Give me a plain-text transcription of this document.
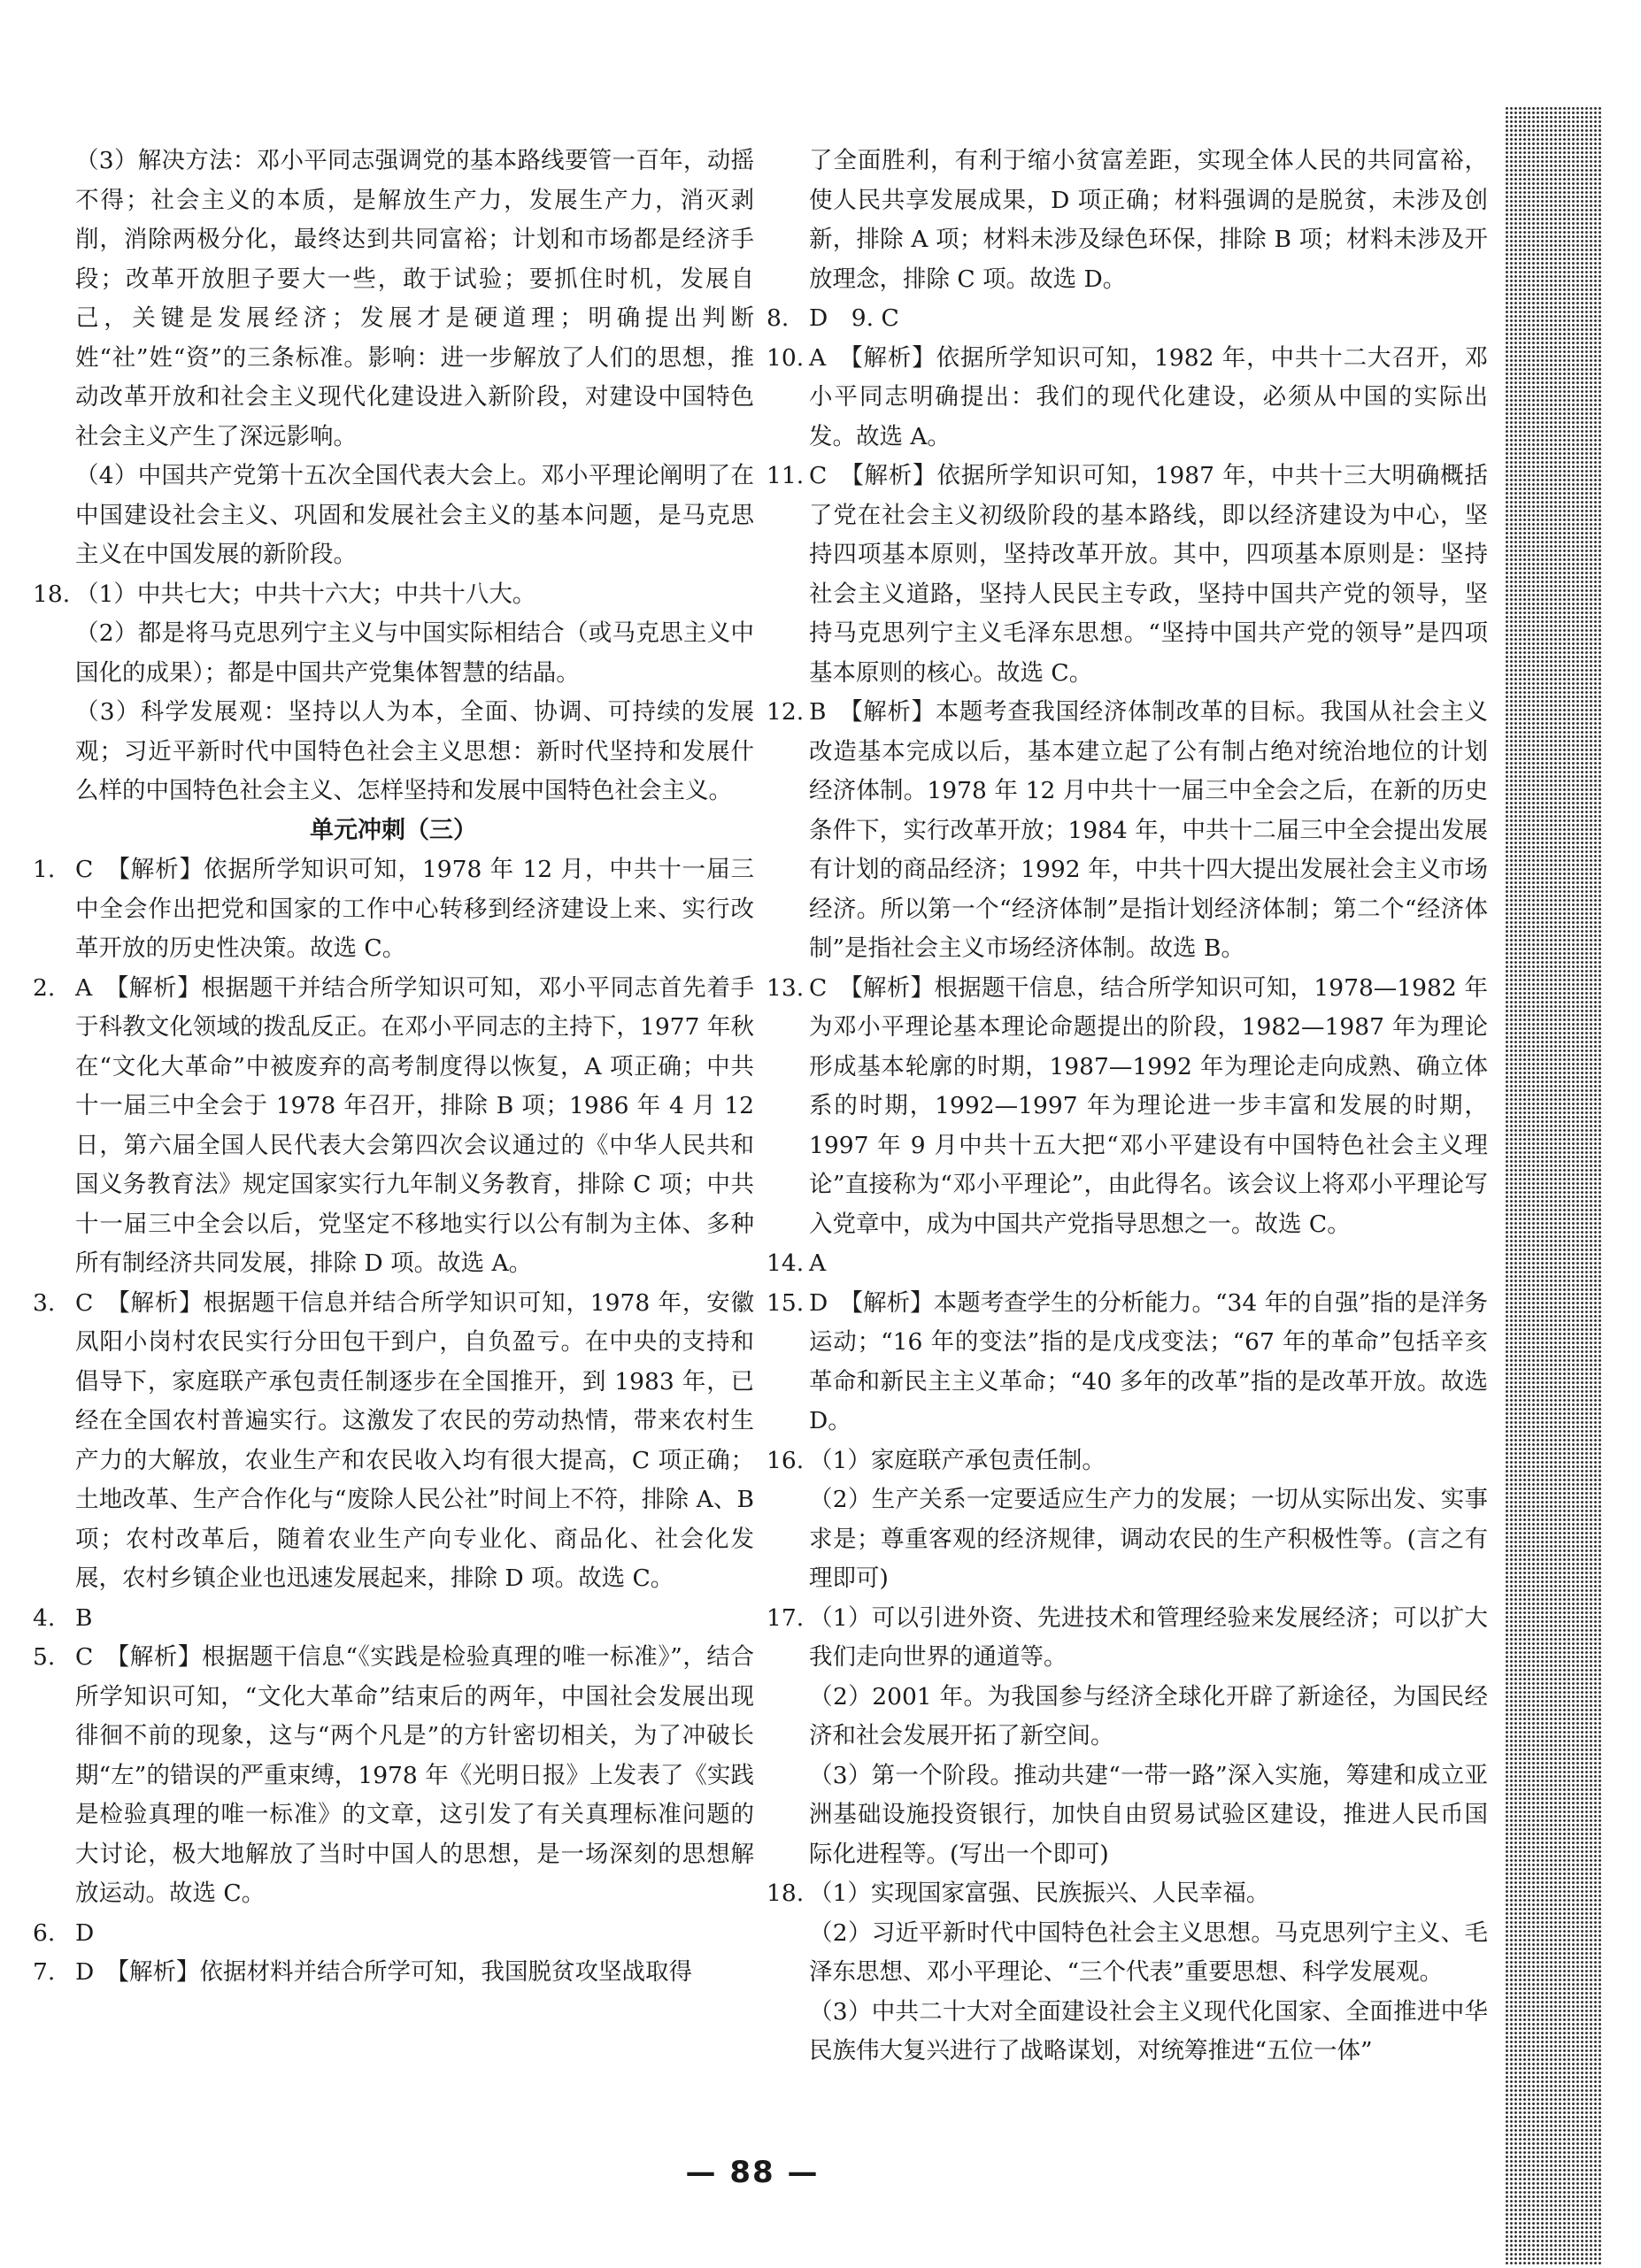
（3）解决方法：邓小平同志强调党的基本路线要管一百年，动摇不得；社会主义的本质，是解放生产力，发展生产力，消灭剥削，消除两极分化，最终达到共同富裕；计划和市场都是经济手段；改革开放胆子要大一些，敢于试验；要抓住时机，发展自己，关键是发展经济；发展才是硬道理；明确提出判断姓“社”姓“资”的三条标准。影响：进一步解放了人们的思想，推动改革开放和社会主义现代化建设进入新阶段，对建设中国特色社会主义产生了深远影响。
（4）中国共产党第十五次全国代表大会上。邓小平理论阐明了在中国建设社会主义、巩固和发展社会主义的基本问题，是马克思主义在中国发展的新阶段。
18. （1）中共七大；中共十六大；中共十八大。
（2）都是将马克思列宁主义与中国实际相结合（或马克思主义中国化的成果）；都是中国共产党集体智慧的结晶。
（3）科学发展观：坚持以人为本，全面、协调、可持续的发展观；习近平新时代中国特色社会主义思想：新时代坚持和发展什么样的中国特色社会主义、怎样坚持和发展中国特色社会主义。
单元冲刺（三）
1. C　【解析】依据所学知识可知，1978 年 12 月，中共十一届三中全会作出把党和国家的工作中心转移到经济建设上来、实行改革开放的历史性决策。故选 C。
2. A　【解析】根据题干并结合所学知识可知，邓小平同志首先着手于科教文化领域的拨乱反正。在邓小平同志的主持下，1977 年秋在“文化大革命”中被废弃的高考制度得以恢复，A 项正确；中共十一届三中全会于 1978 年召开，排除 B 项；1986 年 4 月 12 日，第六届全国人民代表大会第四次会议通过的《中华人民共和国义务教育法》规定国家实行九年制义务教育，排除 C 项；中共十一届三中全会以后，党坚定不移地实行以公有制为主体、多种所有制经济共同发展，排除 D 项。故选 A。
3. C　【解析】根据题干信息并结合所学知识可知，1978 年，安徽凤阳小岗村农民实行分田包干到户，自负盈亏。在中央的支持和倡导下，家庭联产承包责任制逐步在全国推开，到 1983 年，已经在全国农村普遍实行。这激发了农民的劳动热情，带来农村生产力的大解放，农业生产和农民收入均有很大提高，C 项正确；土地改革、生产合作化与“废除人民公社”时间上不符，排除 A、B 项；农村改革后，随着农业生产向专业化、商品化、社会化发展，农村乡镇企业也迅速发展起来，排除 D 项。故选 C。
4. B
5. C　【解析】根据题干信息“《实践是检验真理的唯一标准》”，结合所学知识可知，“文化大革命”结束后的两年，中国社会发展出现徘徊不前的现象，这与“两个凡是”的方针密切相关，为了冲破长期“左”的错误的严重束缚，1978 年《光明日报》上发表了《实践是检验真理的唯一标准》的文章，这引发了有关真理标准问题的大讨论，极大地解放了当时中国人的思想，是一场深刻的思想解放运动。故选 C。
6. D
7. D　【解析】依据材料并结合所学可知，我国脱贫攻坚战取得
了全面胜利，有利于缩小贫富差距，实现全体人民的共同富裕，使人民共享发展成果，D 项正确；材料强调的是脱贫，未涉及创新，排除 A 项；材料未涉及绿色环保，排除 B 项；材料未涉及开放理念，排除 C 项。故选 D。
8. D　9. C
10. A　【解析】依据所学知识可知，1982 年，中共十二大召开，邓小平同志明确提出：我们的现代化建设，必须从中国的实际出发。故选 A。
11. C　【解析】依据所学知识可知，1987 年，中共十三大明确概括了党在社会主义初级阶段的基本路线，即以经济建设为中心，坚持四项基本原则，坚持改革开放。其中，四项基本原则是：坚持社会主义道路，坚持人民民主专政，坚持中国共产党的领导，坚持马克思列宁主义毛泽东思想。“坚持中国共产党的领导”是四项基本原则的核心。故选 C。
12. B　【解析】本题考查我国经济体制改革的目标。我国从社会主义改造基本完成以后，基本建立起了公有制占绝对统治地位的计划经济体制。1978 年 12 月中共十一届三中全会之后，在新的历史条件下，实行改革开放；1984 年，中共十二届三中全会提出发展有计划的商品经济；1992 年，中共十四大提出发展社会主义市场经济。所以第一个“经济体制”是指计划经济体制；第二个“经济体制”是指社会主义市场经济体制。故选 B。
13. C　【解析】根据题干信息，结合所学知识可知，1978—1982 年为邓小平理论基本理论命题提出的阶段，1982—1987 年为理论形成基本轮廓的时期，1987—1992 年为理论走向成熟、确立体系的时期，1992—1997 年为理论进一步丰富和发展的时期，1997 年 9 月中共十五大把“邓小平建设有中国特色社会主义理论”直接称为“邓小平理论”，由此得名。该会议上将邓小平理论写入党章中，成为中国共产党指导思想之一。故选 C。
14. A
15. D　【解析】本题考查学生的分析能力。“34 年的自强”指的是洋务运动；“16 年的变法”指的是戊戌变法；“67 年的革命”包括辛亥革命和新民主主义革命；“40 多年的改革”指的是改革开放。故选 D。
16. （1）家庭联产承包责任制。
（2）生产关系一定要适应生产力的发展；一切从实际出发、实事求是；尊重客观的经济规律，调动农民的生产积极性等。(言之有理即可)
17. （1）可以引进外资、先进技术和管理经验来发展经济；可以扩大我们走向世界的通道等。
（2）2001 年。为我国参与经济全球化开辟了新途径，为国民经济和社会发展开拓了新空间。
（3）第一个阶段。推动共建“一带一路”深入实施，筹建和成立亚洲基础设施投资银行，加快自由贸易试验区建设，推进人民币国际化进程等。(写出一个即可)
18. （1）实现国家富强、民族振兴、人民幸福。
（2）习近平新时代中国特色社会主义思想。马克思列宁主义、毛泽东思想、邓小平理论、“三个代表”重要思想、科学发展观。
（3）中共二十大对全面建设社会主义现代化国家、全面推进中华民族伟大复兴进行了战略谋划，对统筹推进“五位一体”
— 88 —
